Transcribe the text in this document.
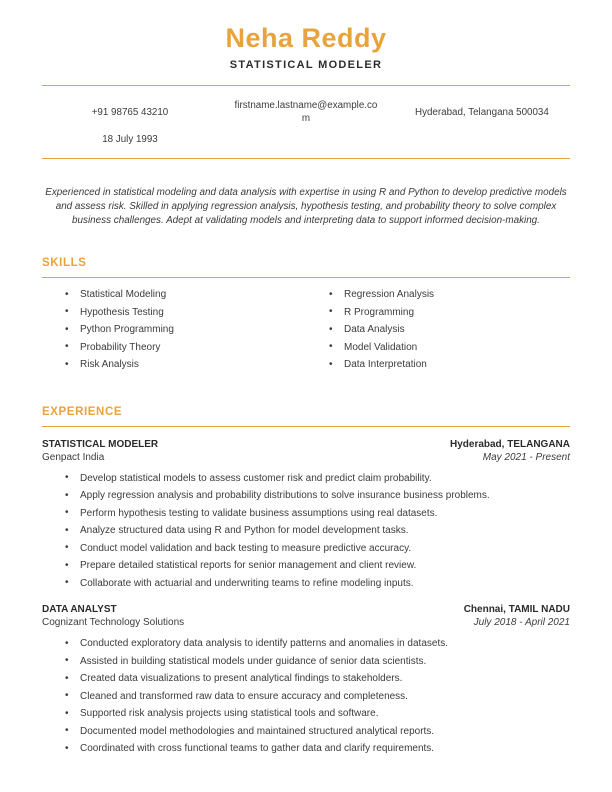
Neha Reddy
STATISTICAL MODELER
+91 98765 43210
firstname.lastname@example.com
Hyderabad, Telangana 500034
18 July 1993
Experienced in statistical modeling and data analysis with expertise in using R and Python to develop predictive models and assess risk. Skilled in applying regression analysis, hypothesis testing, and probability theory to solve complex business challenges. Adept at validating models and interpreting data to support informed decision-making.
SKILLS
• Statistical Modeling
• Hypothesis Testing
• Python Programming
• Probability Theory
• Risk Analysis
• Regression Analysis
• R Programming
• Data Analysis
• Model Validation
• Data Interpretation
EXPERIENCE
STATISTICAL MODELER	Hyderabad, TELANGANA
Genpact India	May 2021 - Present
• Develop statistical models to assess customer risk and predict claim probability.
• Apply regression analysis and probability distributions to solve insurance business problems.
• Perform hypothesis testing to validate business assumptions using real datasets.
• Analyze structured data using R and Python for model development tasks.
• Conduct model validation and back testing to measure predictive accuracy.
• Prepare detailed statistical reports for senior management and client review.
• Collaborate with actuarial and underwriting teams to refine modeling inputs.
DATA ANALYST	Chennai, TAMIL NADU
Cognizant Technology Solutions	July 2018 - April 2021
• Conducted exploratory data analysis to identify patterns and anomalies in datasets.
• Assisted in building statistical models under guidance of senior data scientists.
• Created data visualizations to present analytical findings to stakeholders.
• Cleaned and transformed raw data to ensure accuracy and completeness.
• Supported risk analysis projects using statistical tools and software.
• Documented model methodologies and maintained structured analytical reports.
• Coordinated with cross functional teams to gather data and clarify requirements.
